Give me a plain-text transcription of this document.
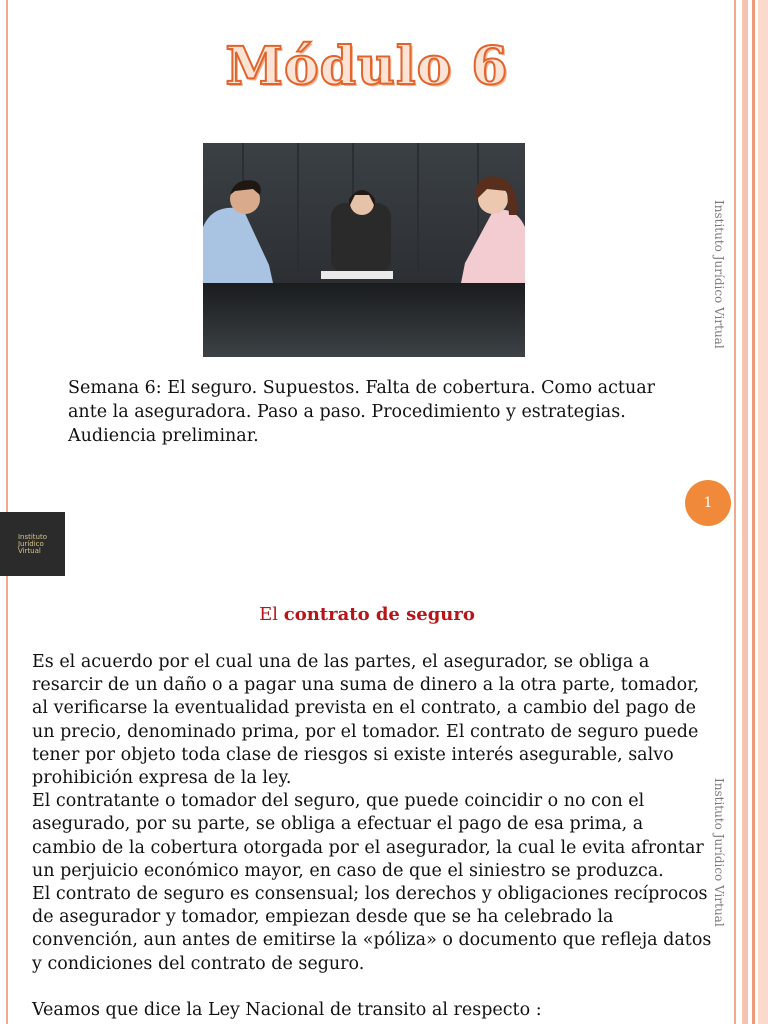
Módulo 6
Semana 6: El seguro. Supuestos. Falta de cobertura. Como actuar ante la aseguradora. Paso a paso. Procedimiento y estrategias. Audiencia preliminar.
1
Instituto Jurídico Virtual
Instituto Jurídico Virtual
Instituto
Jurídico
Virtual
El contrato de seguro

Es el acuerdo por el cual una de las partes, el asegurador, se obliga a resarcir de un daño o a pagar una suma de dinero a la otra parte, tomador, al verificarse la eventualidad prevista en el contrato, a cambio del pago de un precio, denominado prima, por el tomador. El contrato de seguro puede tener por objeto toda clase de riesgos si existe interés asegurable, salvo prohibición expresa de la ley.

El contratante o tomador del seguro, que puede coincidir o no con el asegurado, por su parte, se obliga a efectuar el pago de esa prima, a cambio de la cobertura otorgada por el asegurador, la cual le evita afrontar un perjuicio económico mayor, en caso de que el siniestro se produzca.

El contrato de seguro es consensual; los derechos y obligaciones recíprocos de asegurador y tomador, empiezan desde que se ha celebrado la convención, aun antes de emitirse la «póliza» o documento que refleja datos y condiciones del contrato de seguro.

Veamos que dice la Ley Nacional de transito al respecto :
